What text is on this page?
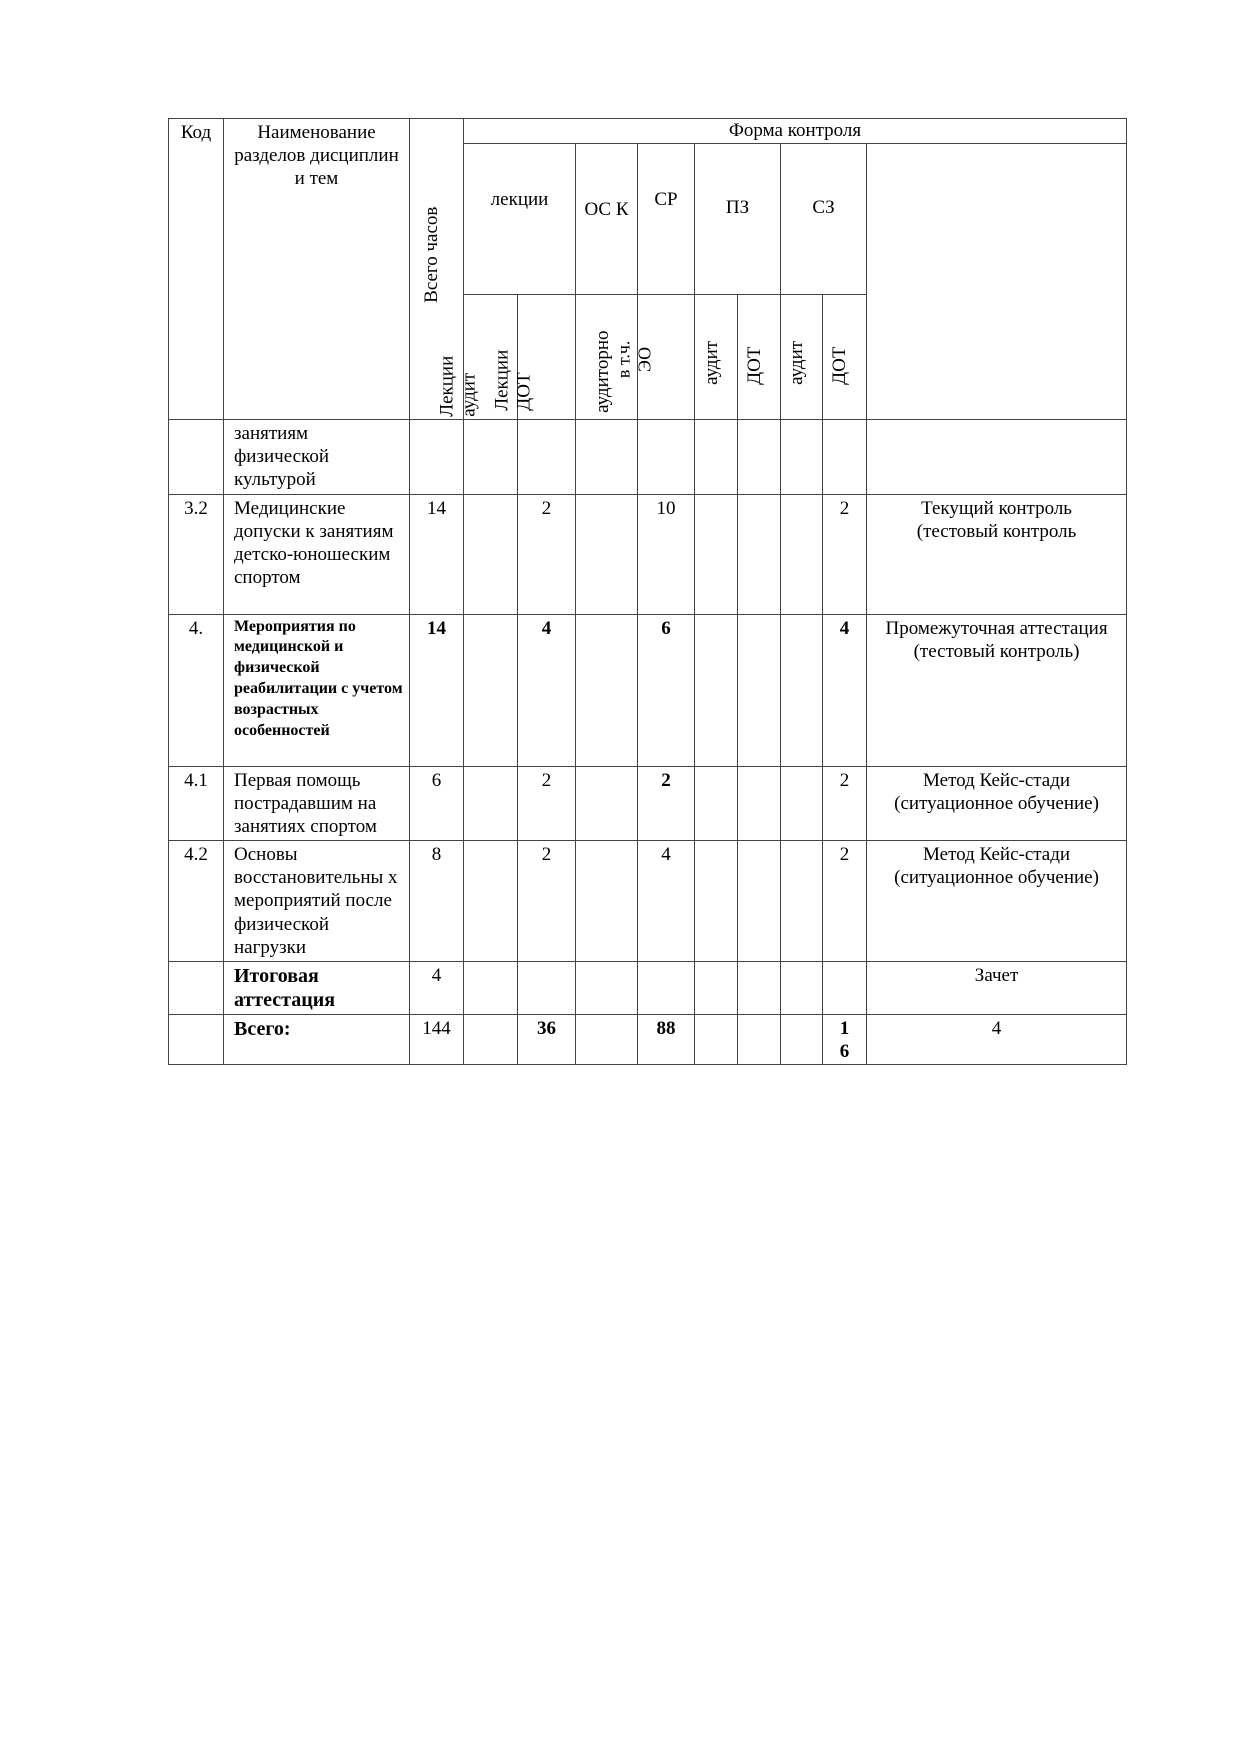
Код	Наименование разделов дисциплин и тем	Всего часов	Форма контроля								
			лекции		ОС К	СР	ПЗ		СЗ		

			Лекции аудит	Лекции ДОТ	аудиторно	в т.ч. ЭО	аудит	ДОТ	аудит	ДОТ	

	занятиям физической культурой										
3.2	Медицинские допуски к занятиям детско-юношеским спортом	14		2		10				2	Текущий контроль (тестовый контроль
4.	Мероприятия по медицинской и физической реабилитации с учетом возрастных особенностей	14		4		6				4	Промежуточная аттестация (тестовый контроль)
4.1	Первая помощь пострадавшим на занятиях спортом	6		2		2				2	Метод Кейс-стади (ситуационное обучение)
4.2	Основы восстановительны х мероприятий после физической нагрузки	8		2		4				2	Метод Кейс-стади (ситуационное обучение)
	Итоговая аттестация	4									Зачет
	Всего:	144		36		88				1 6	4
